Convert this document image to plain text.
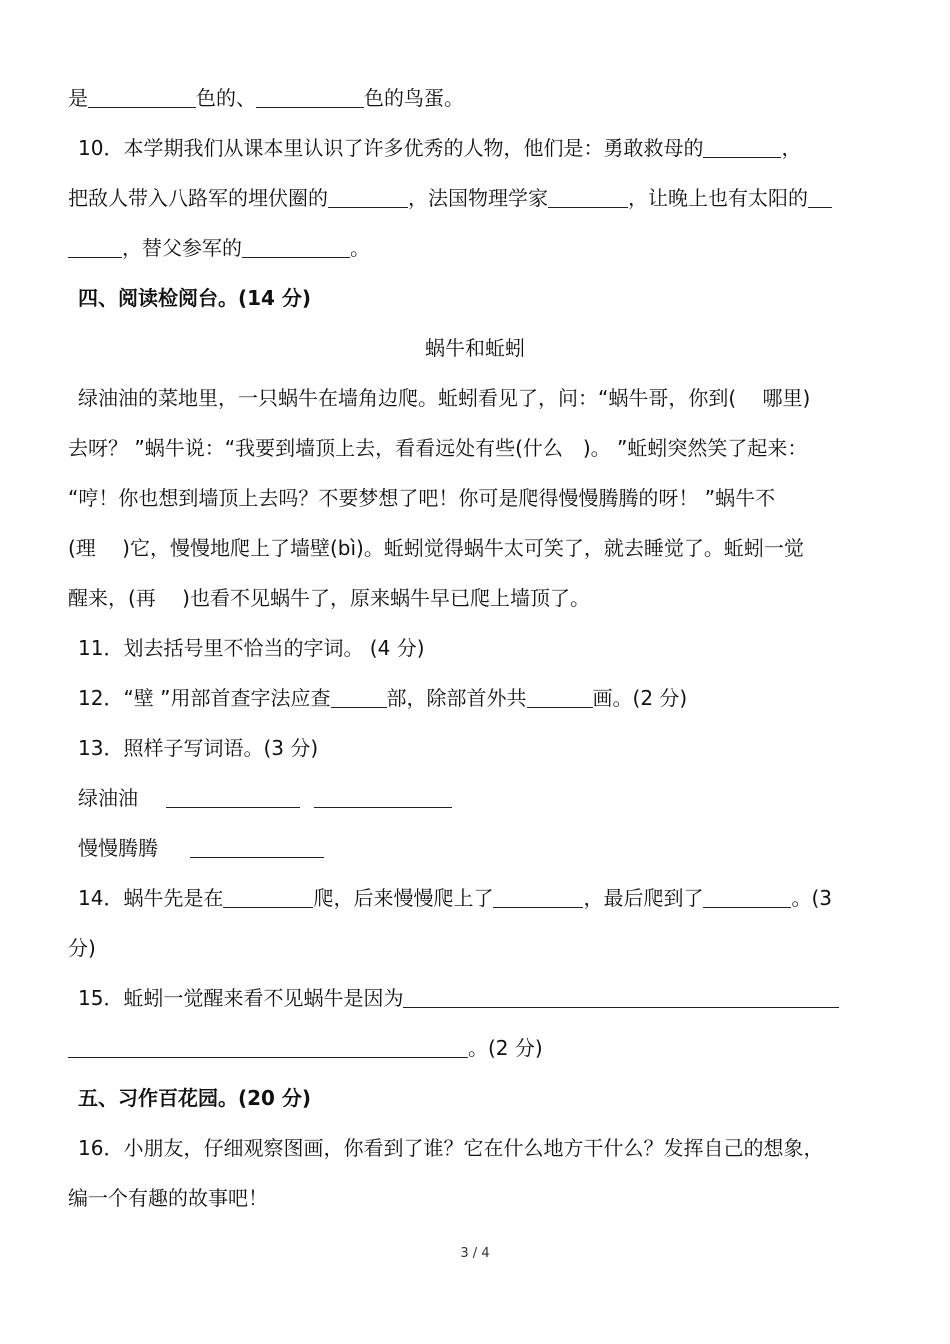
是	色的、	色的鸟蛋。
10．本学期我们从课本里认识了许多优秀的人物，他们是：勇敢救母的	，
把敌人带入八路军的埋伏圈的	，法国物理学家	，让晚上也有太阳的
，替父参军的	。
四、阅读检阅台。(14 分)
蜗牛和蚯蚓
绿油油的菜地里，一只蜗牛在墙角边爬。蚯蚓看见了，问：“蜗牛哥，你到(　 哪里)
去呀？ ”蜗牛说：“我要到墙顶上去，看看远处有些(什么　)。 ”蚯蚓突然笑了起来：
“哼！你也想到墙顶上去吗？不要梦想了吧！你可是爬得慢慢腾腾的呀！ ”蜗牛不
(理　 )它，慢慢地爬上了墙壁(bì)。蚯蚓觉得蜗牛太可笑了，就去睡觉了。蚯蚓一觉
醒来，(再　 )也看不见蜗牛了，原来蜗牛早已爬上墙顶了。
11．划去括号里不恰当的字词。 (4 分)
12．“壁 ”用部首查字法应查	部，除部首外共	画。(2 分)
13．照样子写词语。(3 分)
绿油油
慢慢腾腾
14．蜗牛先是在	爬，后来慢慢爬上了	，最后爬到了	。(3
分)
15．蚯蚓一觉醒来看不见蜗牛是因为
。(2 分)
五、习作百花园。(20 分)
16．小朋友，仔细观察图画，你看到了谁？它在什么地方干什么？发挥自己的想象，
编一个有趣的故事吧！
3 / 4
